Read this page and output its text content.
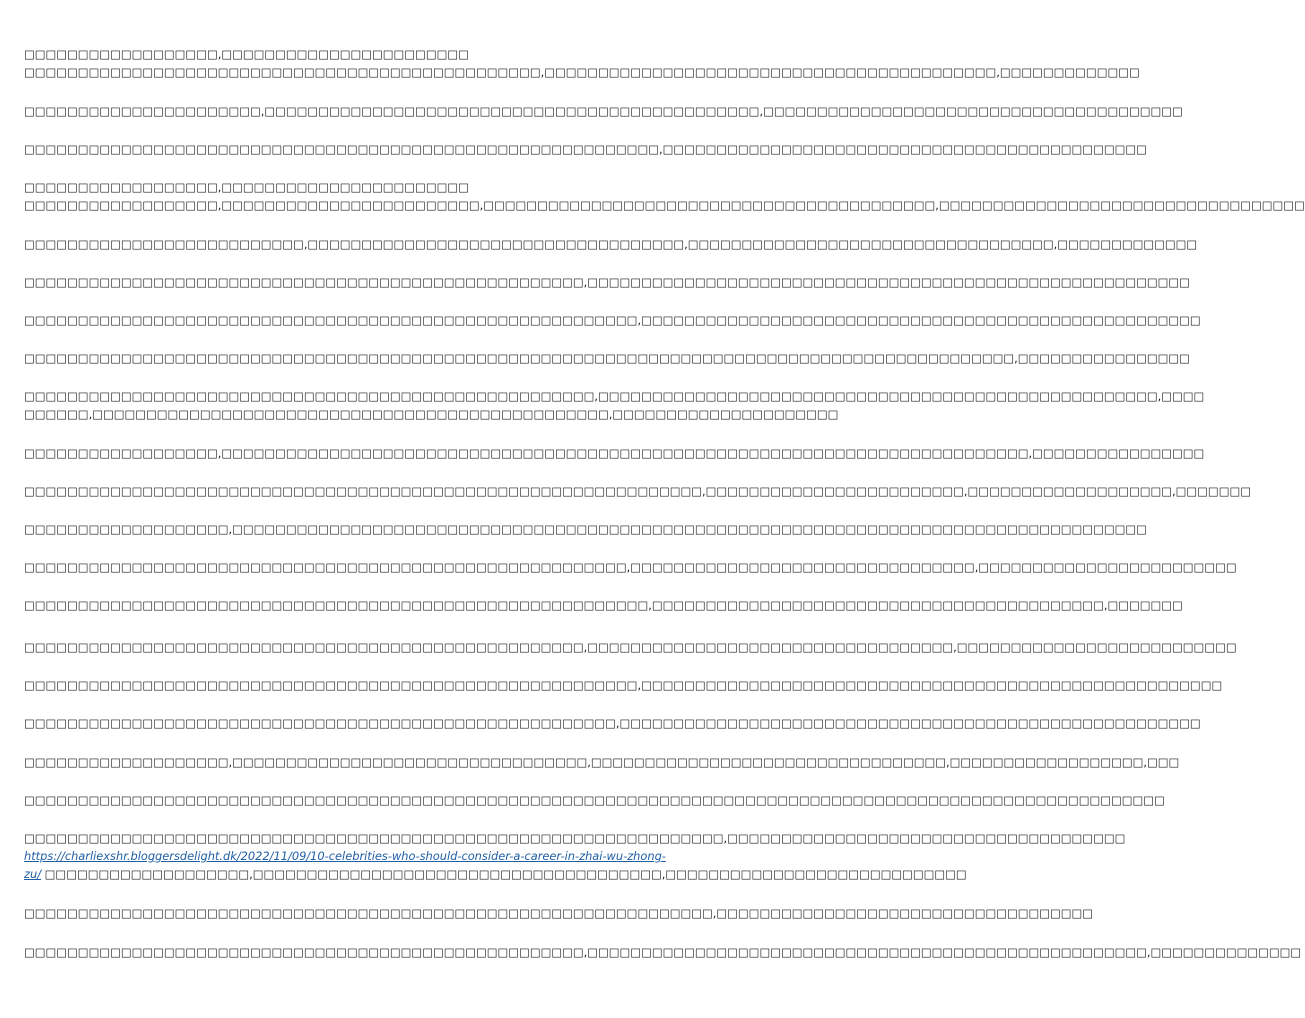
□□□□□□□□□□□□□□□□□□,□□□□□□□□□□□□□□□□□□□□□□□
□□□□□□□□□□□□□□□□□□□□□□□□□□□□□□□□□□□□□□□□□□□□□□□□,□□□□□□□□□□□□□□□□□□□□□□□□□□□□□□□□□□□□□□□□□□,□□□□□□□□□□□□□
□□□□□□□□□□□□□□□□□□□□□□,□□□□□□□□□□□□□□□□□□□□□□□□□□□□□□□□□□□□□□□□□□□□□□,□□□□□□□□□□□□□□□□□□□□□□□□□□□□□□□□□□□□□□□
□□□□□□□□□□□□□□□□□□□□□□□□□□□□□□□□□□□□□□□□□□□□□□□□□□□□□□□□□□□,□□□□□□□□□□□□□□□□□□□□□□□□□□□□□□□□□□□□□□□□□□□□□
□□□□□□□□□□□□□□□□□□,□□□□□□□□□□□□□□□□□□□□□□□
□□□□□□□□□□□□□□□□□□,□□□□□□□□□□□□□□□□□□□□□□□□,□□□□□□□□□□□□□□□□□□□□□□□□□□□□□□□□□□□□□□□□□□,□□□□□□□□□□□□□□□□□□□□□□□□□□□□□□□□□□
□□□□□□□□□□□□□□□□□□□□□□□□□□,□□□□□□□□□□□□□□□□□□□□□□□□□□□□□□□□□□□,□□□□□□□□□□□□□□□□□□□□□□□□□□□□□□□□□□,□□□□□□□□□□□□□
□□□□□□□□□□□□□□□□□□□□□□□□□□□□□□□□□□□□□□□□□□□□□□□□□□□□,□□□□□□□□□□□□□□□□□□□□□□□□□□□□□□□□□□□□□□□□□□□□□□□□□□□□□□□□
□□□□□□□□□□□□□□□□□□□□□□□□□□□□□□□□□□□□□□□□□□□□□□□□□□□□□□□□□,□□□□□□□□□□□□□□□□□□□□□□□□□□□□□□□□□□□□□□□□□□□□□□□□□□□□
□□□□□□□□□□□□□□□□□□□□□□□□□□□□□□□□□□□□□□□□□□□□□□□□□□□□□□□□□□□□□□□□□□□□□□□□□□□□□□□□□□□□□□□□□□□□,□□□□□□□□□□□□□□□□
□□□□□□□□□□□□□□□□□□□□□□□□□□□□□□□□□□□□□□□□□□□□□□□□□□□□□,□□□□□□□□□□□□□□□□□□□□□□□□□□□□□□□□□□□□□□□□□□□□□□□□□□□□,□□□□
□□□□□□,□□□□□□□□□□□□□□□□□□□□□□□□□□□□□□□□□□□□□□□□□□□□□□□□,□□□□□□□□□□□□□□□□□□□□□
□□□□□□□□□□□□□□□□□□,□□□□□□□□□□□□□□□□□□□□□□□□□□□□□□□□□□□□□□□□□□□□□□□□□□□□□□□□□□□□□□□□□□□□□□□□□□□,□□□□□□□□□□□□□□□□
□□□□□□□□□□□□□□□□□□□□□□□□□□□□□□□□□□□□□□□□□□□□□□□□□□□□□□□□□□□□□□□,□□□□□□□□□□□□□□□□□□□□□□□□,□□□□□□□□□□□□□□□□□□□,□□□□□□□
□□□□□□□□□□□□□□□□□□□,□□□□□□□□□□□□□□□□□□□□□□□□□□□□□□□□□□□□□□□□□□□□□□□□□□□□□□□□□□□□□□□□□□□□□□□□□□□□□□□□□□□□□
□□□□□□□□□□□□□□□□□□□□□□□□□□□□□□□□□□□□□□□□□□□□□□□□□□□□□□□□,□□□□□□□□□□□□□□□□□□□□□□□□□□□□□□□□,□□□□□□□□□□□□□□□□□□□□□□□□
□□□□□□□□□□□□□□□□□□□□□□□□□□□□□□□□□□□□□□□□□□□□□□□□□□□□□□□□□□,□□□□□□□□□□□□□□□□□□□□□□□□□□□□□□□□□□□□□□□□□□,□□□□□□□
□□□□□□□□□□□□□□□□□□□□□□□□□□□□□□□□□□□□□□□□□□□□□□□□□□□□,□□□□□□□□□□□□□□□□□□□□□□□□□□□□□□□□□□,□□□□□□□□□□□□□□□□□□□□□□□□□□
□□□□□□□□□□□□□□□□□□□□□□□□□□□□□□□□□□□□□□□□□□□□□□□□□□□□□□□□□,□□□□□□□□□□□□□□□□□□□□□□□□□□□□□□□□□□□□□□□□□□□□□□□□□□□□□□
□□□□□□□□□□□□□□□□□□□□□□□□□□□□□□□□□□□□□□□□□□□□□□□□□□□□□□□,□□□□□□□□□□□□□□□□□□□□□□□□□□□□□□□□□□□□□□□□□□□□□□□□□□□□□□
□□□□□□□□□□□□□□□□□□□,□□□□□□□□□□□□□□□□□□□□□□□□□□□□□□□□□,□□□□□□□□□□□□□□□□□□□□□□□□□□□□□□□□□,□□□□□□□□□□□□□□□□□□,□□□
□□□□□□□□□□□□□□□□□□□□□□□□□□□□□□□□□□□□□□□□□□□□□□□□□□□□□□□□□□□□□□□□□□□□□□□□□□□□□□□□□□□□□□□□□□□□□□□□□□□□□□□□□□
□□□□□□□□□□□□□□□□□□□□□□□□□□□□□□□□□□□□□□□□□□□□□□□□□□□□□□□□□□□□□□□□□,□□□□□□□□□□□□□□□□□□□□□□□□□□□□□□□□□□□□□
https://charliexshr.bloggersdelight.dk/2022/11/09/10-celebrities-who-should-consider-a-career-in-zhai-wu-zhong-
zu/ □□□□□□□□□□□□□□□□□□□,□□□□□□□□□□□□□□□□□□□□□□□□□□□□□□□□□□□□□□,□□□□□□□□□□□□□□□□□□□□□□□□□□□□
□□□□□□□□□□□□□□□□□□□□□□□□□□□□□□□□□□□□□□□□□□□□□□□□□□□□□□□□□□□□□□□□,□□□□□□□□□□□□□□□□□□□□□□□□□□□□□□□□□□□
□□□□□□□□□□□□□□□□□□□□□□□□□□□□□□□□□□□□□□□□□□□□□□□□□□□□,□□□□□□□□□□□□□□□□□□□□□□□□□□□□□□□□□□□□□□□□□□□□□□□□□□□□,□□□□□□□□□□□□□□
